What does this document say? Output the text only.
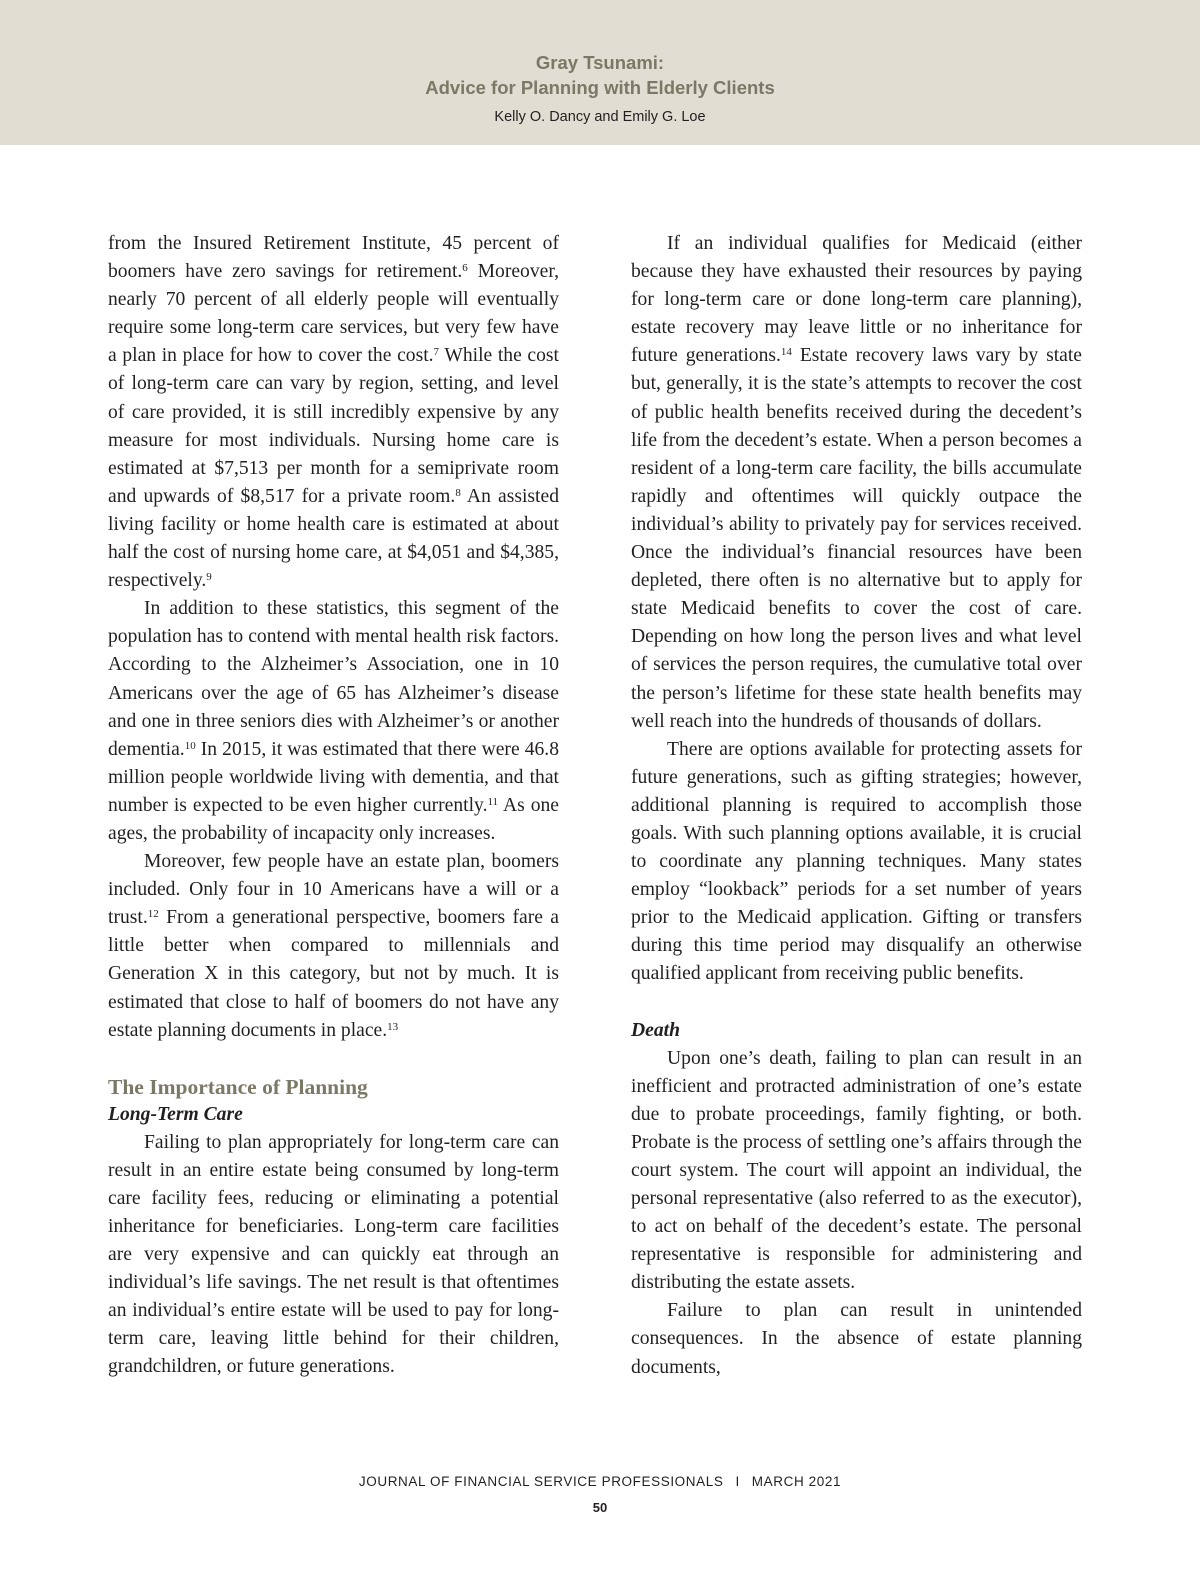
Gray Tsunami:
Advice for Planning with Elderly Clients
Kelly O. Dancy and Emily G. Loe

from the Insured Retirement Institute, 45 percent of boomers have zero savings for retirement.$^6$ Moreover, nearly 70 percent of all elderly people will eventually require some long-term care services, but very few have a plan in place for how to cover the cost.$^7$ While the cost of long-term care can vary by region, setting, and level of care provided, it is still incredibly expensive by any measure for most individuals. Nursing home care is estimated at $7,513 per month for a semiprivate room and upwards of $8,517 for a private room.$^8$ An assisted living facility or home health care is estimated at about half the cost of nursing home care, at $4,051 and $4,385, respectively.$^9$

In addition to these statistics, this segment of the population has to contend with mental health risk factors. According to the Alzheimer’s Association, one in 10 Americans over the age of 65 has Alzheimer’s disease and one in three seniors dies with Alzheimer’s or another dementia.$^{10}$ In 2015, it was estimated that there were 46.8 million people worldwide living with dementia, and that number is expected to be even higher currently.$^{11}$ As one ages, the probability of incapacity only increases.

Moreover, few people have an estate plan, boomers included. Only four in 10 Americans have a will or a trust.$^{12}$ From a generational perspective, boomers fare a little better when compared to millennials and Generation X in this category, but not by much. It is estimated that close to half of boomers do not have any estate planning documents in place.$^{13}$

The Importance of Planning
Long-Term Care

Failing to plan appropriately for long-term care can result in an entire estate being consumed by long-term care facility fees, reducing or eliminating a potential inheritance for beneficiaries. Long-term care facilities are very expensive and can quickly eat through an individual’s life savings. The net result is that oftentimes an individual’s entire estate will be used to pay for long-term care, leaving little behind for their children, grandchildren, or future generations.

If an individual qualifies for Medicaid (either because they have exhausted their resources by paying for long-term care or done long-term care planning), estate recovery may leave little or no inheritance for future generations.$^{14}$ Estate recovery laws vary by state but, generally, it is the state’s attempts to recover the cost of public health benefits received during the decedent’s life from the decedent’s estate. When a person becomes a resident of a long-term care facility, the bills accumulate rapidly and oftentimes will quickly outpace the individual’s ability to privately pay for services received. Once the individual’s financial resources have been depleted, there often is no alternative but to apply for state Medicaid benefits to cover the cost of care. Depending on how long the person lives and what level of services the person requires, the cumulative total over the person’s lifetime for these state health benefits may well reach into the hundreds of thousands of dollars.

There are options available for protecting assets for future generations, such as gifting strategies; however, additional planning is required to accomplish those goals. With such planning options available, it is crucial to coordinate any planning techniques. Many states employ “lookback” periods for a set number of years prior to the Medicaid application. Gifting or transfers during this time period may disqualify an otherwise qualified applicant from receiving public benefits.

Death

Upon one’s death, failing to plan can result in an inefficient and protracted administration of one’s estate due to probate proceedings, family fighting, or both. Probate is the process of settling one’s affairs through the court system. The court will appoint an individual, the personal representative (also referred to as the executor), to act on behalf of the decedent’s estate. The personal representative is responsible for administering and distributing the estate assets.

Failure to plan can result in unintended consequences. In the absence of estate planning documents,

JOURNAL OF FINANCIAL SERVICE PROFESSIONALS I MARCH 2021
50
